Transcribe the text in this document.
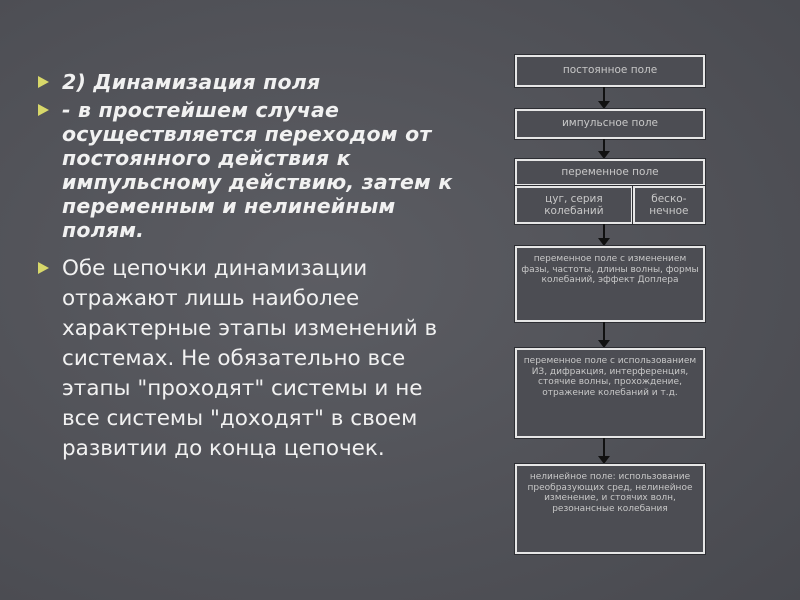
2) Динамизация поля
- в простейшем случае осуществляется переходом от постоянного действия к импульсному действию, затем к переменным и нелинейным полям.
Обе цепочки динамизации отражают лишь наиболее характерные этапы изменений в системах. Не обязательно все этапы "проходят" системы и не все системы "доходят" в своем развитии до конца цепочек.
постоянное поле
импульсное поле
переменное поле
цуг, серия колебаний
беско-нечное
переменное поле с изменением фазы, частоты, длины волны, формы колебаний, эффект Доплера
переменное поле с использованием ИЗ, дифракция, интерференция, стоячие волны, прохождение, отражение колебаний и т.д.
нелинейное поле: использование преобразующих сред, нелинейное изменение, и стоячих волн, резонансные колебания
